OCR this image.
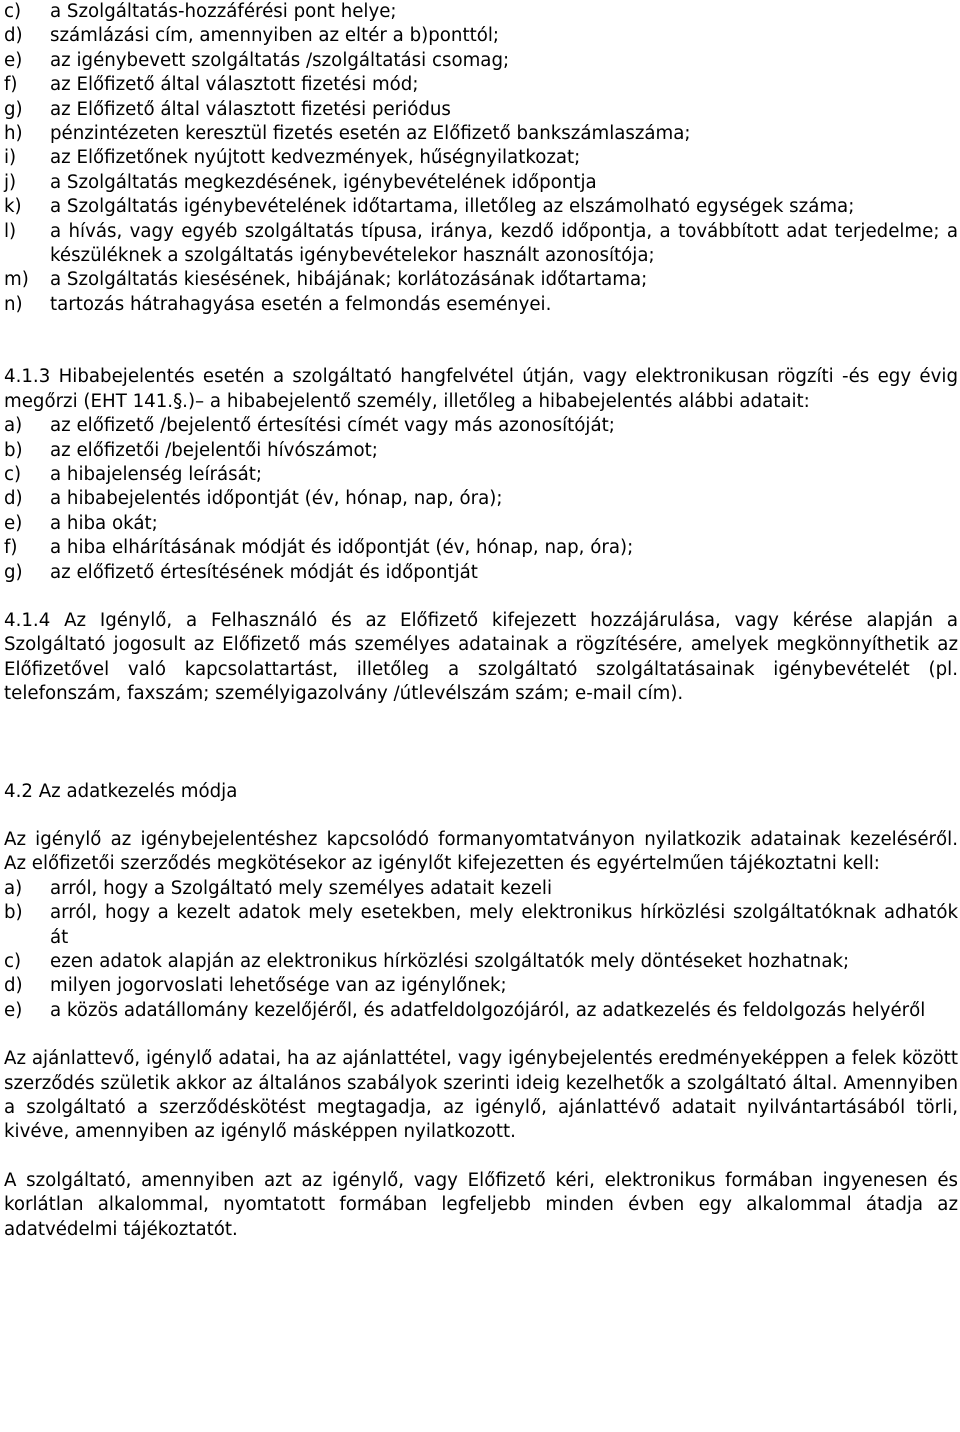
c)	a Szolgáltatás-hozzáférési pont helye;
d)	számlázási cím, amennyiben az eltér a b)ponttól;
e)	az igénybevett szolgáltatás /szolgáltatási csomag;
f)	az Előfizető által választott fizetési mód;
g)	az Előfizető által választott fizetési periódus
h)	pénzintézeten keresztül fizetés esetén az Előfizető bankszámlaszáma;
i)	az Előfizetőnek nyújtott kedvezmények, hűségnyilatkozat;
j)	a Szolgáltatás megkezdésének, igénybevételének időpontja
k)	a Szolgáltatás igénybevételének időtartama, illetőleg az elszámolható egységek száma;
l)	a hívás, vagy egyéb szolgáltatás típusa, iránya, kezdő időpontja, a továbbított adat terjedelme; a készüléknek a szolgáltatás igénybevételekor használt azonosítója;
m)	a Szolgáltatás kiesésének, hibájának; korlátozásának időtartama;
n)	tartozás hátrahagyása esetén a felmondás eseményei.

4.1.3 Hibabejelentés esetén a szolgáltató hangfelvétel útján, vagy elektronikusan rögzíti -és egy évig megőrzi (EHT 141.§.)– a hibabejelentő személy, illetőleg a hibabejelentés alábbi adatait:

a)	az előfizető /bejelentő értesítési címét vagy más azonosítóját;
b)	az előfizetői /bejelentői hívószámot;
c)	a hibajelenség leírását;
d)	a hibabejelentés időpontját (év, hónap, nap, óra);
e)	a hiba okát;
f)	a hiba elhárításának módját és időpontját (év, hónap, nap, óra);
g)	az előfizető értesítésének módját és időpontját

4.1.4 Az Igénylő, a Felhasználó és az Előfizető kifejezett hozzájárulása, vagy kérése alapján a Szolgáltató jogosult az Előfizető más személyes adatainak a rögzítésére, amelyek megkönnyíthetik az Előfizetővel való kapcsolattartást, illetőleg a szolgáltató szolgáltatásainak igénybevételét (pl. telefonszám, faxszám; személyigazolvány /útlevélszám szám; e-mail cím).

4.2 Az adatkezelés módja

Az igénylő az igénybejelentéshez kapcsolódó formanyomtatványon nyilatkozik adatainak kezeléséről. Az előfizetői szerződés megkötésekor az igénylőt kifejezetten és egyértelműen tájékoztatni kell:

a)	arról, hogy a Szolgáltató mely személyes adatait kezeli
b)	arról, hogy a kezelt adatok mely esetekben, mely elektronikus hírközlési szolgáltatóknak adhatók át
c)	ezen adatok alapján az elektronikus hírközlési szolgáltatók mely döntéseket hozhatnak;
d)	milyen jogorvoslati lehetősége van az igénylőnek;
e)	a közös adatállomány kezelőjéről, és adatfeldolgozójáról, az adatkezelés és feldolgozás helyéről

Az ajánlattevő, igénylő adatai, ha az ajánlattétel, vagy igénybejelentés eredményeképpen a felek között szerződés születik akkor az általános szabályok szerinti ideig kezelhetők a szolgáltató által. Amennyiben a szolgáltató a szerződéskötést megtagadja, az igénylő, ajánlattévő adatait nyilvántartásából törli, kivéve, amennyiben az igénylő másképpen nyilatkozott.

A szolgáltató, amennyiben azt az igénylő, vagy Előfizető kéri, elektronikus formában ingyenesen és korlátlan alkalommal, nyomtatott formában legfeljebb minden évben egy alkalommal átadja az adatvédelmi tájékoztatót.
